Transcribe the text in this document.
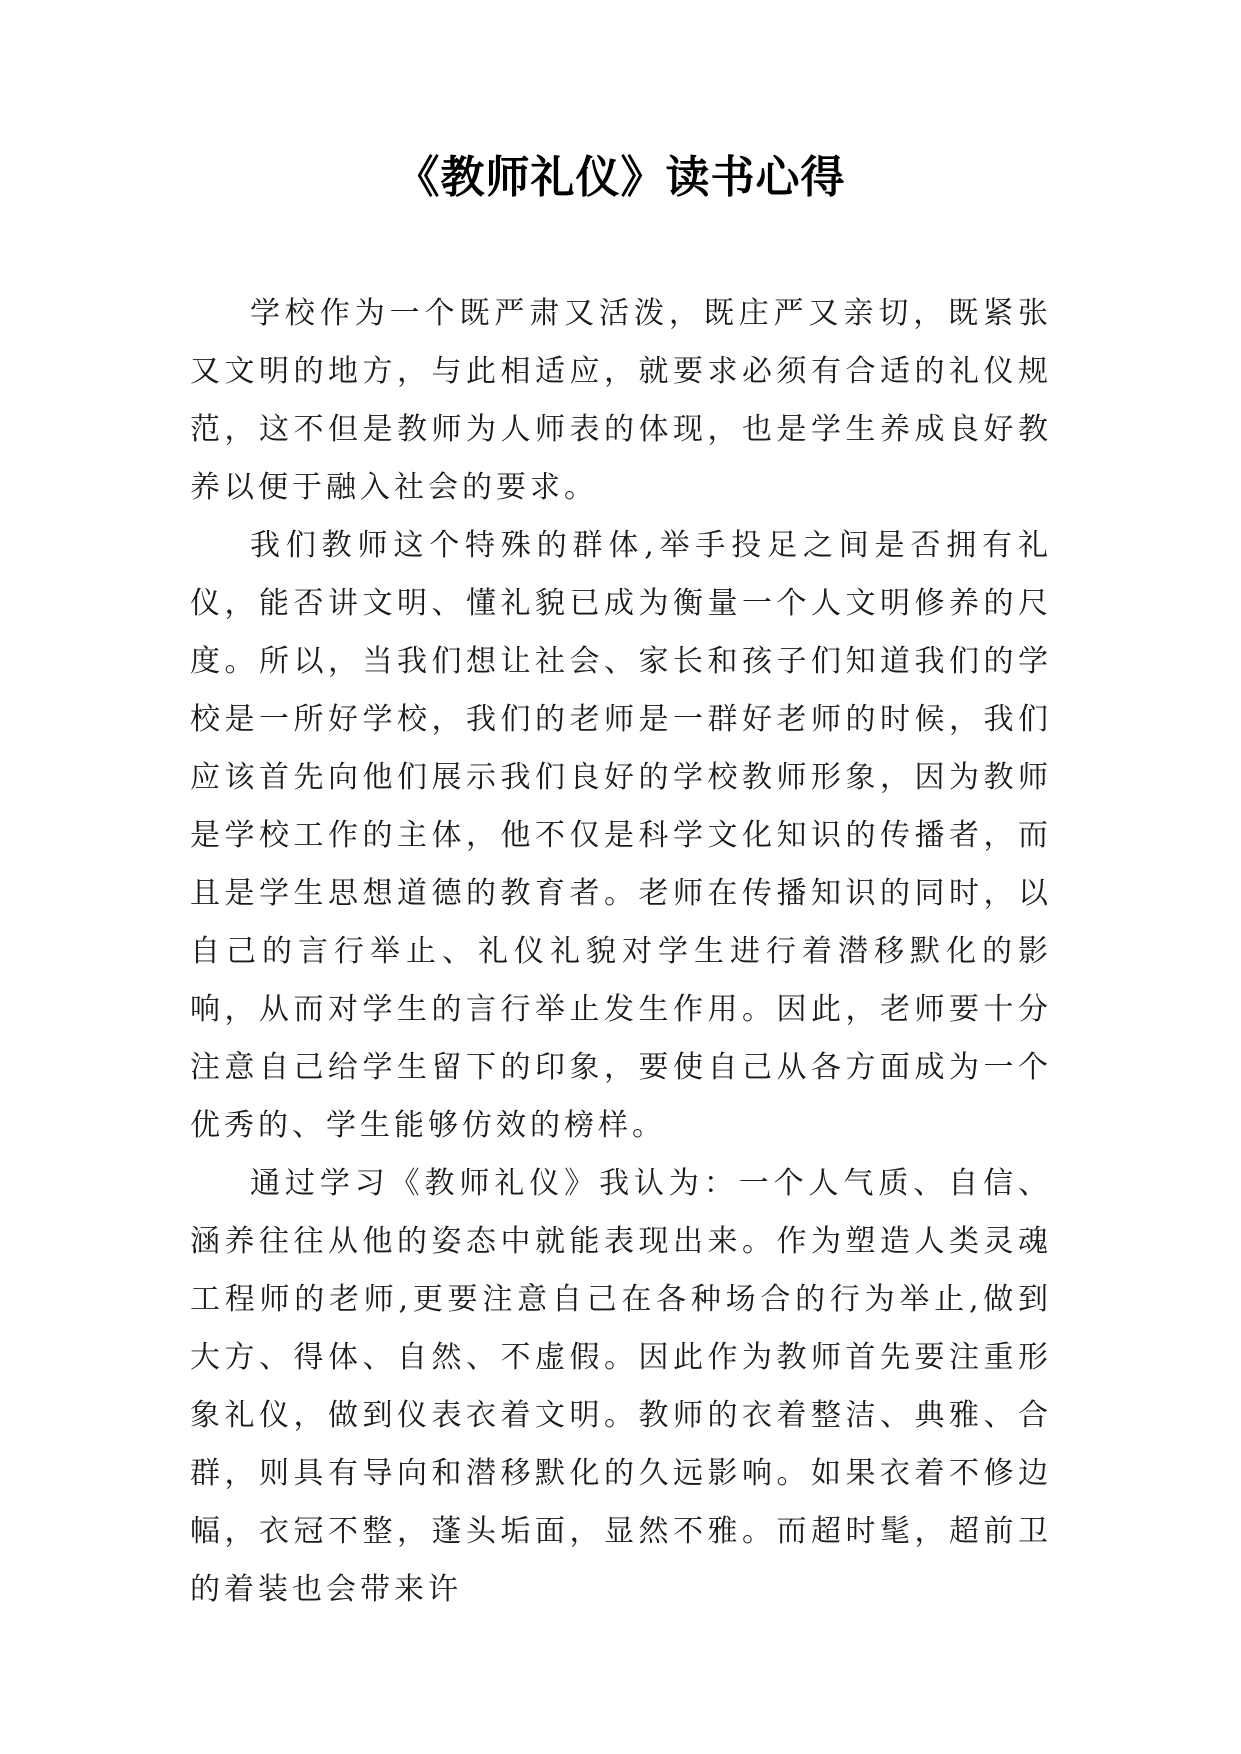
《教师礼仪》读书心得

学校作为一个既严肃又活泼，既庄严又亲切，既紧张又文明的地方，与此相适应，就要求必须有合适的礼仪规范，这不但是教师为人师表的体现，也是学生养成良好教养以便于融入社会的要求。

我们教师这个特殊的群体,举手投足之间是否拥有礼仪，能否讲文明、懂礼貌已成为衡量一个人文明修养的尺度。所以，当我们想让社会、家长和孩子们知道我们的学校是一所好学校，我们的老师是一群好老师的时候，我们应该首先向他们展示我们良好的学校教师形象，因为教师是学校工作的主体，他不仅是科学文化知识的传播者，而且是学生思想道德的教育者。老师在传播知识的同时，以自己的言行举止、礼仪礼貌对学生进行着潜移默化的影响，从而对学生的言行举止发生作用。因此，老师要十分注意自己给学生留下的印象，要使自己从各方面成为一个优秀的、学生能够仿效的榜样。

通过学习《教师礼仪》我认为：一个人气质、自信、涵养往往从他的姿态中就能表现出来。作为塑造人类灵魂工程师的老师,更要注意自己在各种场合的行为举止,做到大方、得体、自然、不虚假。因此作为教师首先要注重形象礼仪，做到仪表衣着文明。教师的衣着整洁、典雅、合群，则具有导向和潜移默化的久远影响。如果衣着不修边幅，衣冠不整，蓬头垢面，显然不雅。而超时髦，超前卫的着装也会带来许
